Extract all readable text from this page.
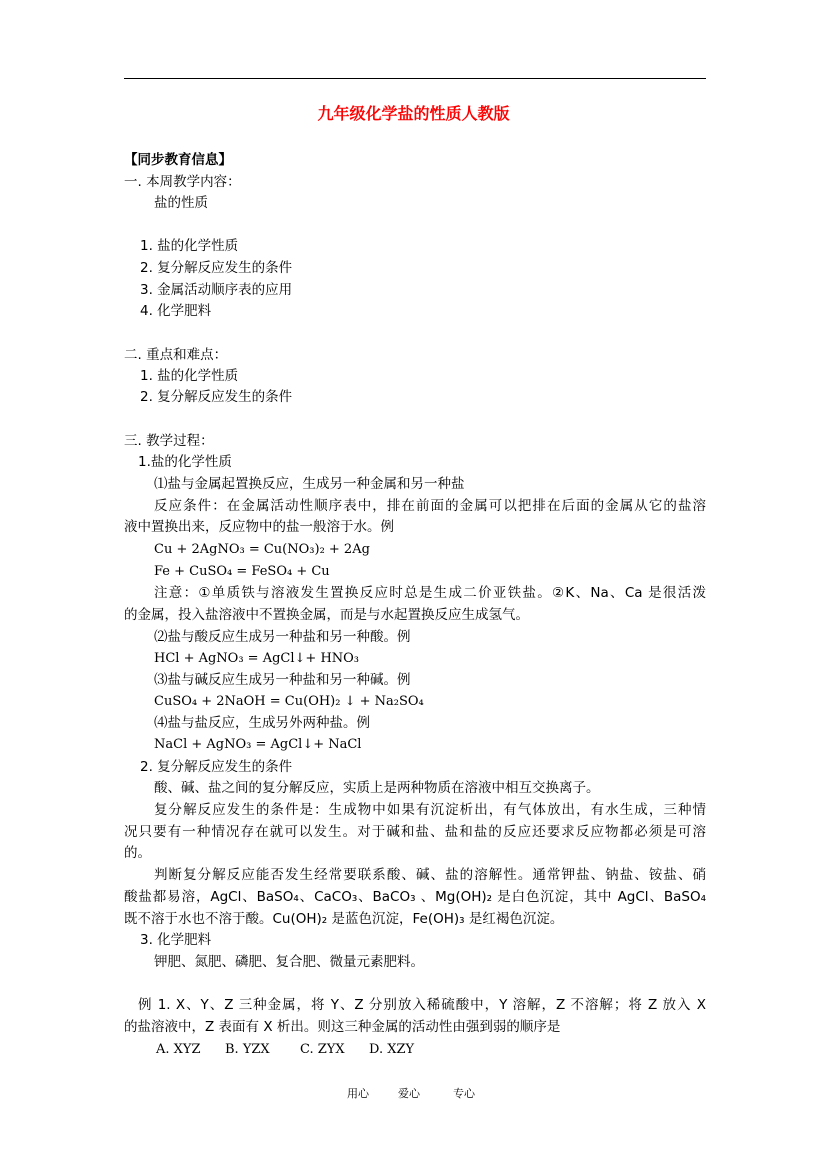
九年级化学盐的性质人教版
【同步教育信息】
一. 本周教学内容：
盐的性质
1. 盐的化学性质
2. 复分解反应发生的条件
3. 金属活动顺序表的应用
4. 化学肥料
二. 重点和难点：
1. 盐的化学性质
2. 复分解反应发生的条件
三. 教学过程：
1.盐的化学性质
⑴盐与金属起置换反应，生成另一种金属和另一种盐
反应条件：在金属活动性顺序表中，排在前面的金属可以把排在后面的金属从它的盐溶
液中置换出来，反应物中的盐一般溶于水。例
Cu + 2AgNO₃ = Cu(NO₃)₂ + 2Ag
Fe + CuSO₄ = FeSO₄ + Cu
注意：①单质铁与溶液发生置换反应时总是生成二价亚铁盐。②K、Na、Ca 是很活泼
的金属，投入盐溶液中不置换金属，而是与水起置换反应生成氢气。
⑵盐与酸反应生成另一种盐和另一种酸。例
HCl + AgNO₃ = AgCl↓+ HNO₃
⑶盐与碱反应生成另一种盐和另一种碱。例
CuSO₄ + 2NaOH = Cu(OH)₂ ↓ + Na₂SO₄
⑷盐与盐反应，生成另外两种盐。例
NaCl + AgNO₃ = AgCl↓+ NaCl
2. 复分解反应发生的条件
酸、碱、盐之间的复分解反应，实质上是两种物质在溶液中相互交换离子。
复分解反应发生的条件是：生成物中如果有沉淀析出，有气体放出，有水生成，三种情
况只要有一种情况存在就可以发生。对于碱和盐、盐和盐的反应还要求反应物都必须是可溶
的。
判断复分解反应能否发生经常要联系酸、碱、盐的溶解性。通常钾盐、钠盐、铵盐、硝
酸盐都易溶，AgCl、BaSO₄、CaCO₃、BaCO₃ 、Mg(OH)₂ 是白色沉淀，其中 AgCl、BaSO₄
既不溶于水也不溶于酸。Cu(OH)₂ 是蓝色沉淀，Fe(OH)₃ 是红褐色沉淀。
3. 化学肥料
钾肥、氮肥、磷肥、复合肥、微量元素肥料。
例 1. X、Y、Z 三种金属，将 Y、Z 分别放入稀硫酸中，Y 溶解，Z 不溶解；将 Z 放入 X
的盐溶液中，Z 表面有 X 析出。则这三种金属的活动性由强到弱的顺序是
A. XYZ B. YZX C. ZYX D. XZY
用心	爱心	专心
